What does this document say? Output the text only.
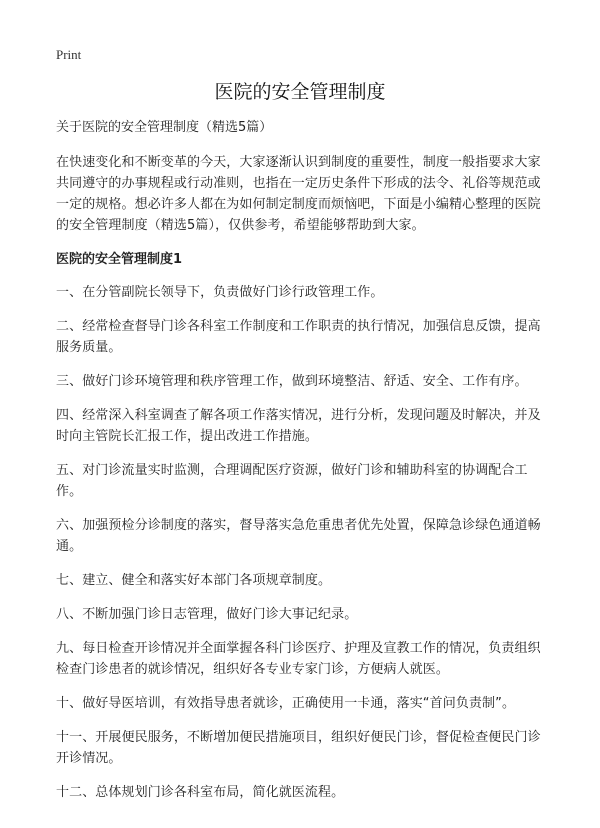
Print
医院的安全管理制度
关于医院的安全管理制度（精选5篇）
在快速变化和不断变革的今天，大家逐渐认识到制度的重要性，制度一般指要求大家共同遵守的办事规程或行动准则，也指在一定历史条件下形成的法令、礼俗等规范或一定的规格。想必许多人都在为如何制定制度而烦恼吧，下面是小编精心整理的医院的安全管理制度（精选5篇），仅供参考，希望能够帮助到大家。
医院的安全管理制度1
一、在分管副院长领导下，负责做好门诊行政管理工作。
二、经常检查督导门诊各科室工作制度和工作职责的执行情况，加强信息反馈，提高服务质量。
三、做好门诊环境管理和秩序管理工作，做到环境整洁、舒适、安全、工作有序。
四、经常深入科室调查了解各项工作落实情况，进行分析，发现问题及时解决，并及时向主管院长汇报工作，提出改进工作措施。
五、对门诊流量实时监测，合理调配医疗资源，做好门诊和辅助科室的协调配合工作。
六、加强预检分诊制度的落实，督导落实急危重患者优先处置，保障急诊绿色通道畅通。
七、建立、健全和落实好本部门各项规章制度。
八、不断加强门诊日志管理，做好门诊大事记纪录。
九、每日检查开诊情况并全面掌握各科门诊医疗、护理及宣教工作的情况，负责组织检查门诊患者的就诊情况，组织好各专业专家门诊，方便病人就医。
十、做好导医培训，有效指导患者就诊，正确使用一卡通，落实“首问负责制”。
十一、开展便民服务，不断增加便民措施项目，组织好便民门诊，督促检查便民门诊开诊情况。
十二、总体规划门诊各科室布局，简化就医流程。
